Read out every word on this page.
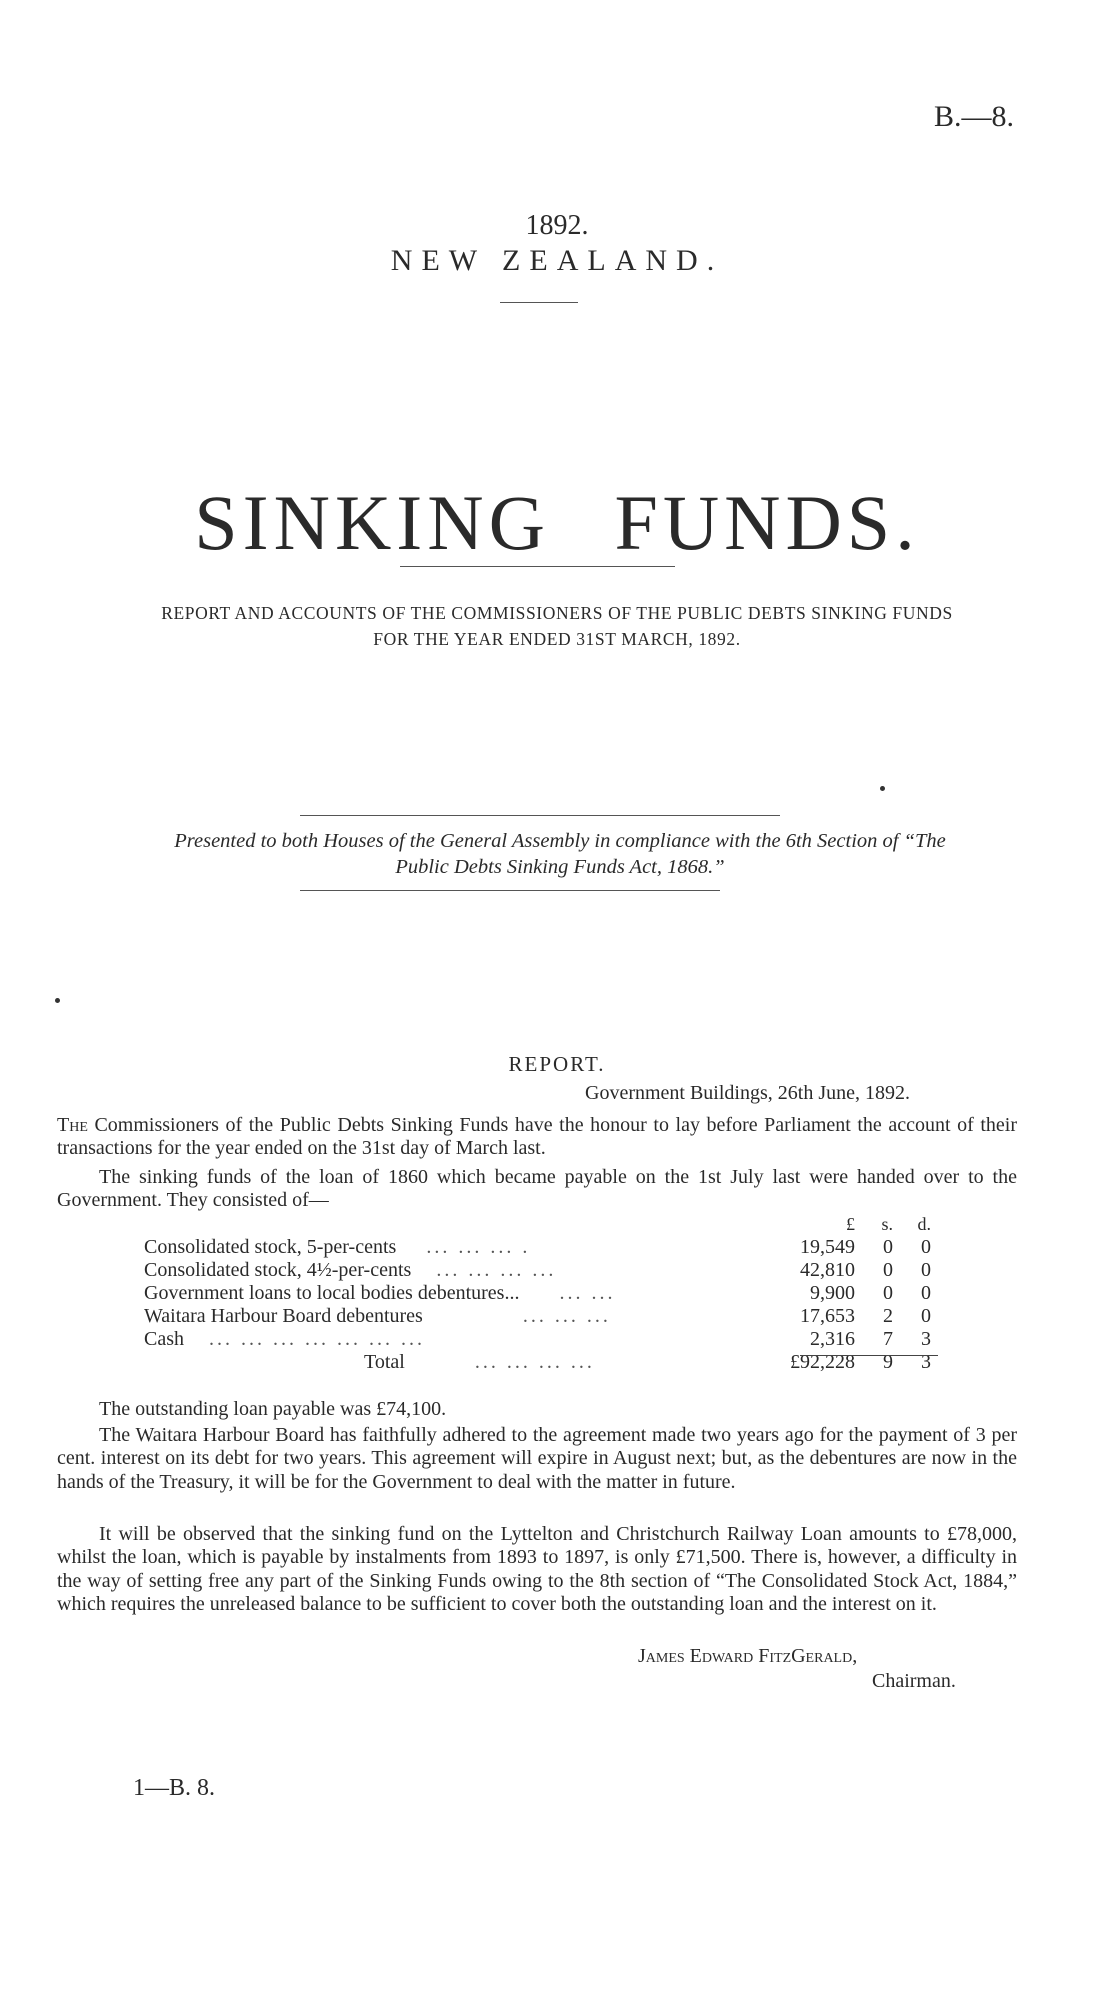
B.—8.
1892.
NEW ZEALAND.
SINKING FUNDS.
REPORT AND ACCOUNTS OF THE COMMISSIONERS OF THE PUBLIC DEBTS SINKING FUNDS
FOR THE YEAR ENDED 31ST MARCH, 1892.
Presented to both Houses of the General Assembly in compliance with the 6th Section of “The
Public Debts Sinking Funds Act, 1868.”
REPORT.
Government Buildings, 26th June, 1892.
The Commissioners of the Public Debts Sinking Funds have the honour to lay before Parliament the account of their transactions for the year ended on the 31st day of March last.
The sinking funds of the loan of 1860 which became payable on the 1st July last were handed over to the Government. They consisted of—
	£	s.	d.
Consolidated stock, 5-per-cents ... ... ... .	19,549	0	0
Consolidated stock, 4½-per-cents ... ... ... ...	42,810	0	0
Government loans to local bodies debentures... ... ...	9,900	0	0
Waitara Harbour Board debentures ... ... ...	17,653	2	0
Cash ... ... ... ... ... ... ...	2,316	7	3
Total ... ... ... ...	£92,228	9	3
The outstanding loan payable was £74,100.
The Waitara Harbour Board has faithfully adhered to the agreement made two years ago for the payment of 3 per cent. interest on its debt for two years. This agreement will expire in August next; but, as the debentures are now in the hands of the Treasury, it will be for the Government to deal with the matter in future.
It will be observed that the sinking fund on the Lyttelton and Christchurch Railway Loan amounts to £78,000, whilst the loan, which is payable by instalments from 1893 to 1897, is only £71,500. There is, however, a difficulty in the way of setting free any part of the Sinking Funds owing to the 8th section of “The Consolidated Stock Act, 1884,” which requires the unreleased balance to be sufficient to cover both the outstanding loan and the interest on it.
James Edward FitzGerald,
Chairman.
1—B. 8.
